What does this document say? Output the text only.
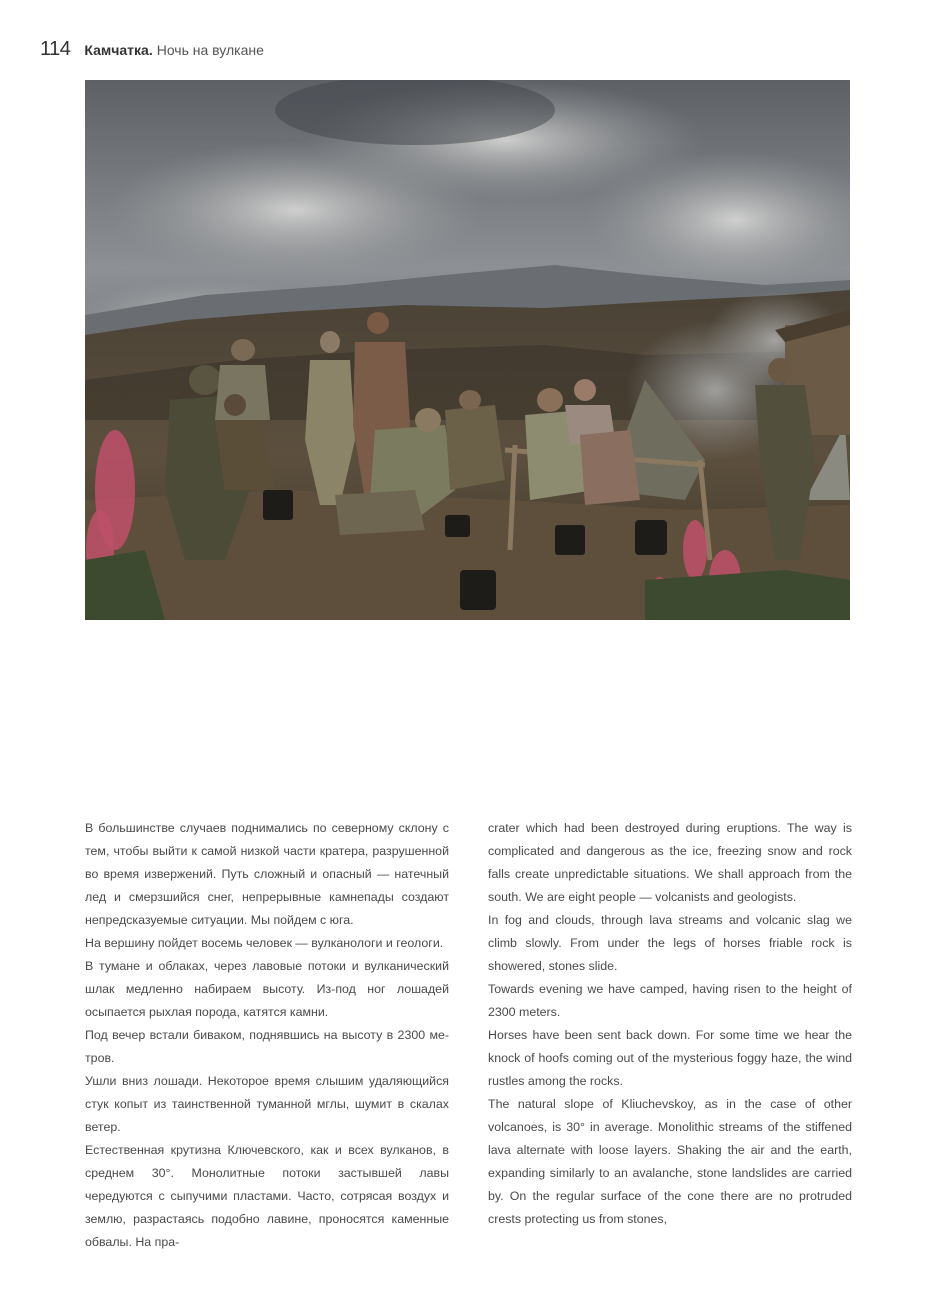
114 Камчатка. Ночь на вулкане

В большинстве случаев поднимались по северному склону с тем, чтобы выйти к самой низкой части кратера, разрушенной во время извержений. Путь сложный и опасный — натечный лед и смерзшийся снег, непрерывные камнепады создают непредсказуемые ситуации. Мы пойдем с юга.

На вершину пойдет восемь человек — вулканологи и геологи.

В тумане и облаках, через лавовые потоки и вулканический шлак медленно набираем высоту. Из-под ног лошадей осыпается рыхлая порода, катятся камни.

Под вечер встали биваком, поднявшись на высоту в 2300 метров.

Ушли вниз лошади. Некоторое время слышим удаляющийся стук копыт из таинственной туманной мглы, шумит в скалах ветер.

Естественная крутизна Ключевского, как и всех вулканов, в среднем 30°. Монолитные потоки застывшей лавы чередуются с сыпучими пластами. Часто, сотрясая воздух и землю, разрастаясь подобно лавине, проносятся каменные обвалы. На пра-

crater which had been destroyed during eruptions. The way is complicated and dangerous as the ice, freezing snow and rock falls create unpredictable situations. We shall approach from the south. We are eight people — volcanists and geologists.

In fog and clouds, through lava streams and volcanic slag we climb slowly. From under the legs of horses friable rock is showered, stones slide.

Towards evening we have camped, having risen to the height of 2300 meters.

Horses have been sent back down. For some time we hear the knock of hoofs coming out of the mysterious foggy haze, the wind rustles among the rocks.

The natural slope of Kliuchevskoy, as in the case of other volcanoes, is 30° in average. Monolithic streams of the stiffened lava alternate with loose layers. Shaking the air and the earth, expanding similarly to an avalanche, stone landslides are carried by. On the regular surface of the cone there are no protruded crests protecting us from stones,
